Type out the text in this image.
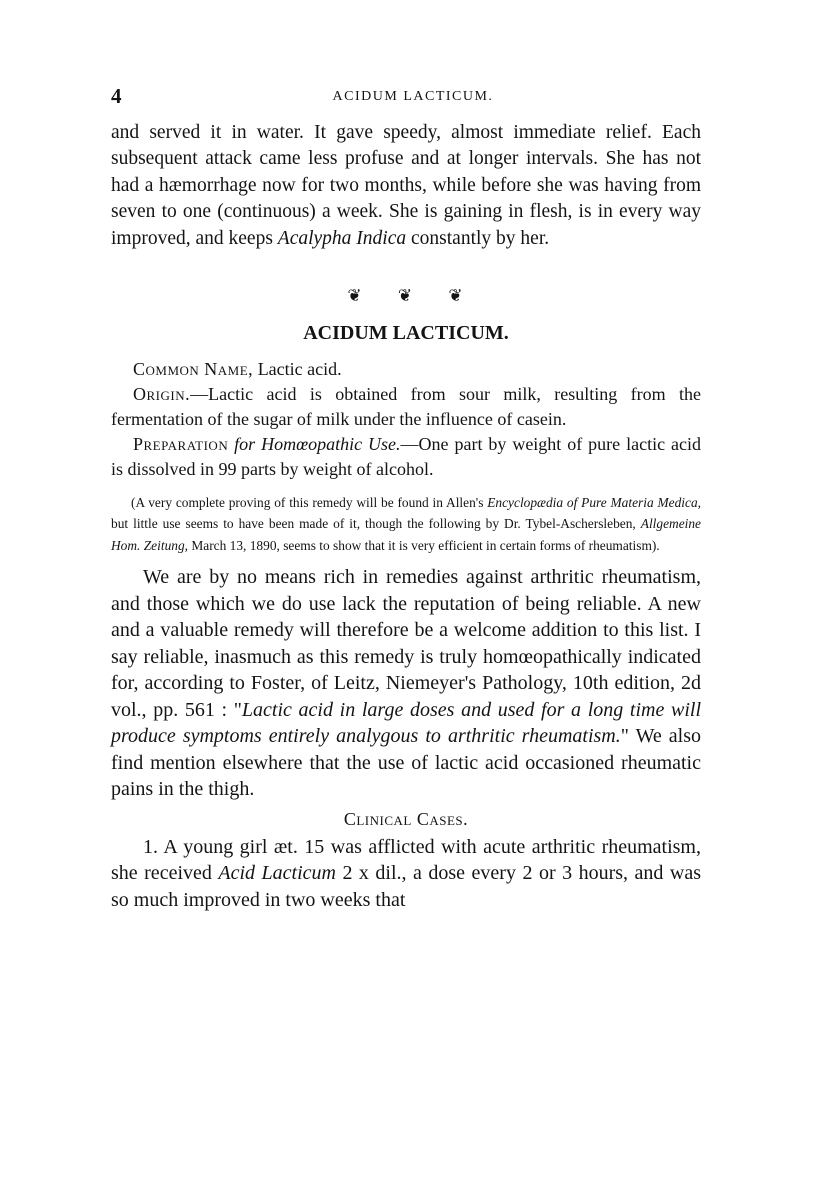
4	ACIDUM LACTICUM.

and served it in water. It gave speedy, almost immediate relief. Each subsequent attack came less profuse and at longer intervals. She has not had a hæmorrhage now for two months, while before she was having from seven to one (continuous) a week. She is gaining in flesh, is in every way improved, and keeps Acalypha Indica constantly by her.

❦ ❦ ❦
ACIDUM LACTICUM.

Common Name, Lactic acid.

Origin.—Lactic acid is obtained from sour milk, resulting from the fermentation of the sugar of milk under the influence of casein.

Preparation for Homœopathic Use.—One part by weight of pure lactic acid is dissolved in 99 parts by weight of alcohol.

(A very complete proving of this remedy will be found in Allen's Encyclopædia of Pure Materia Medica, but little use seems to have been made of it, though the following by Dr. Tybel-Aschersleben, Allgemeine Hom. Zeitung, March 13, 1890, seems to show that it is very efficient in certain forms of rheumatism).

We are by no means rich in remedies against arthritic rheumatism, and those which we do use lack the reputation of being reliable. A new and a valuable remedy will therefore be a welcome addition to this list. I say reliable, inasmuch as this remedy is truly homœopathically indicated for, according to Foster, of Leitz, Niemeyer's Pathology, 10th edition, 2d vol., pp. 561 : "Lactic acid in large doses and used for a long time will produce symptoms entirely analygous to arthritic rheumatism." We also find mention elsewhere that the use of lactic acid occasioned rheumatic pains in the thigh.

Clinical Cases.

1. A young girl æt. 15 was afflicted with acute arthritic rheumatism, she received Acid Lacticum 2 x dil., a dose every 2 or 3 hours, and was so much improved in two weeks that
